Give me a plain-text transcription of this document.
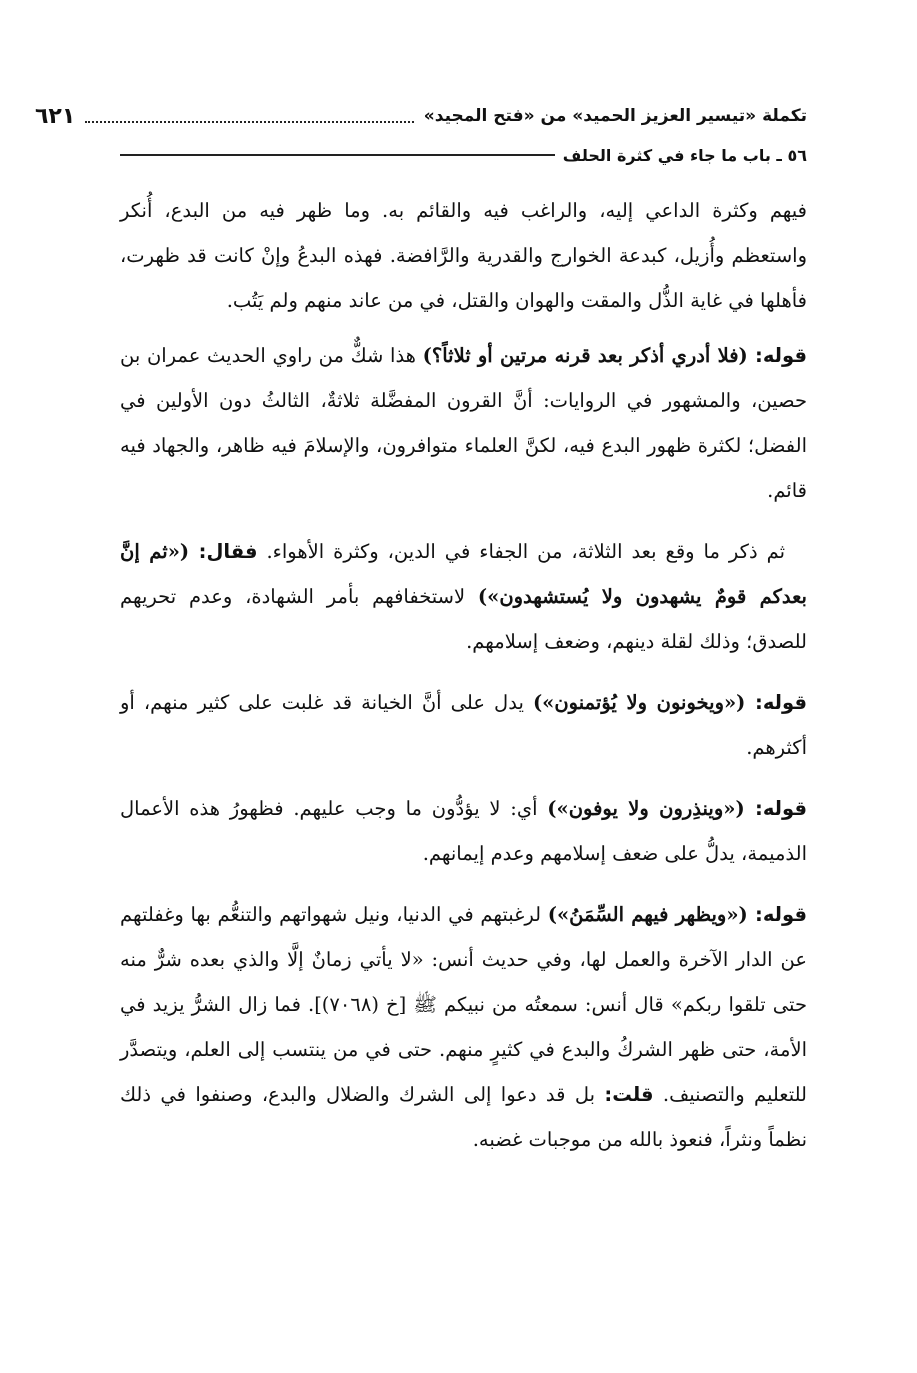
تكملة «تيسير العزيز الحميد» من «فتح المجيد»
٦٢١
٥٦ ـ باب ما جاء في كثرة الحلف

فيهم وكثرة الداعي إليه، والراغب فيه والقائم به. وما ظهر فيه من البدع، أُنكر واستعظم وأُزيل، كبدعة الخوارج والقدرية والرَّافضة. فهذه البدعُ وإنْ كانت قد ظهرت، فأهلها في غاية الذُّل والمقت والهوان والقتل، في من عاند منهم ولم يَتُب.

قوله: (فلا أدري أذكر بعد قرنه مرتين أو ثلاثاً؟) هذا شكٌّ من راوي الحديث عمران بن حصين، والمشهور في الروايات: أنَّ القرون المفضَّلة ثلاثةٌ، الثالثُ دون الأولين في الفضل؛ لكثرة ظهور البدع فيه، لكنَّ العلماء متوافرون، والإسلامَ فيه ظاهر، والجهاد فيه قائم.

ثم ذكر ما وقع بعد الثلاثة، من الجفاء في الدين، وكثرة الأهواء. فقال: («ثم إنَّ بعدكم قومٌ يشهدون ولا يُستشهدون») لاستخفافهم بأمر الشهادة، وعدم تحريهم للصدق؛ وذلك لقلة دينهم، وضعف إسلامهم.

قوله: («ويخونون ولا يُؤتمنون») يدل على أنَّ الخيانة قد غلبت على كثير منهم، أو أكثرهم.

قوله: («وينذِرون ولا يوفون») أي: لا يؤدُّون ما وجب عليهم. فظهورُ هذه الأعمال الذميمة، يدلُّ على ضعف إسلامهم وعدم إيمانهم.

قوله: («ويظهر فيهم السِّمَنُ») لرغبتهم في الدنيا، ونيل شهواتهم والتنعُّم بها وغفلتهم عن الدار الآخرة والعمل لها، وفي حديث أنس: «لا يأتي زمانٌ إلَّا والذي بعده شرٌّ منه حتى تلقوا ربكم» قال أنس: سمعتُه من نبيكم ﷺ [خ (٧٠٦٨)]. فما زال الشرُّ يزيد في الأمة، حتى ظهر الشركُ والبدع في كثيرٍ منهم. حتى في من ينتسب إلى العلم، ويتصدَّر للتعليم والتصنيف. قلت: بل قد دعوا إلى الشرك والضلال والبدع، وصنفوا في ذلك نظماً ونثراً، فنعوذ بالله من موجبات غضبه.
